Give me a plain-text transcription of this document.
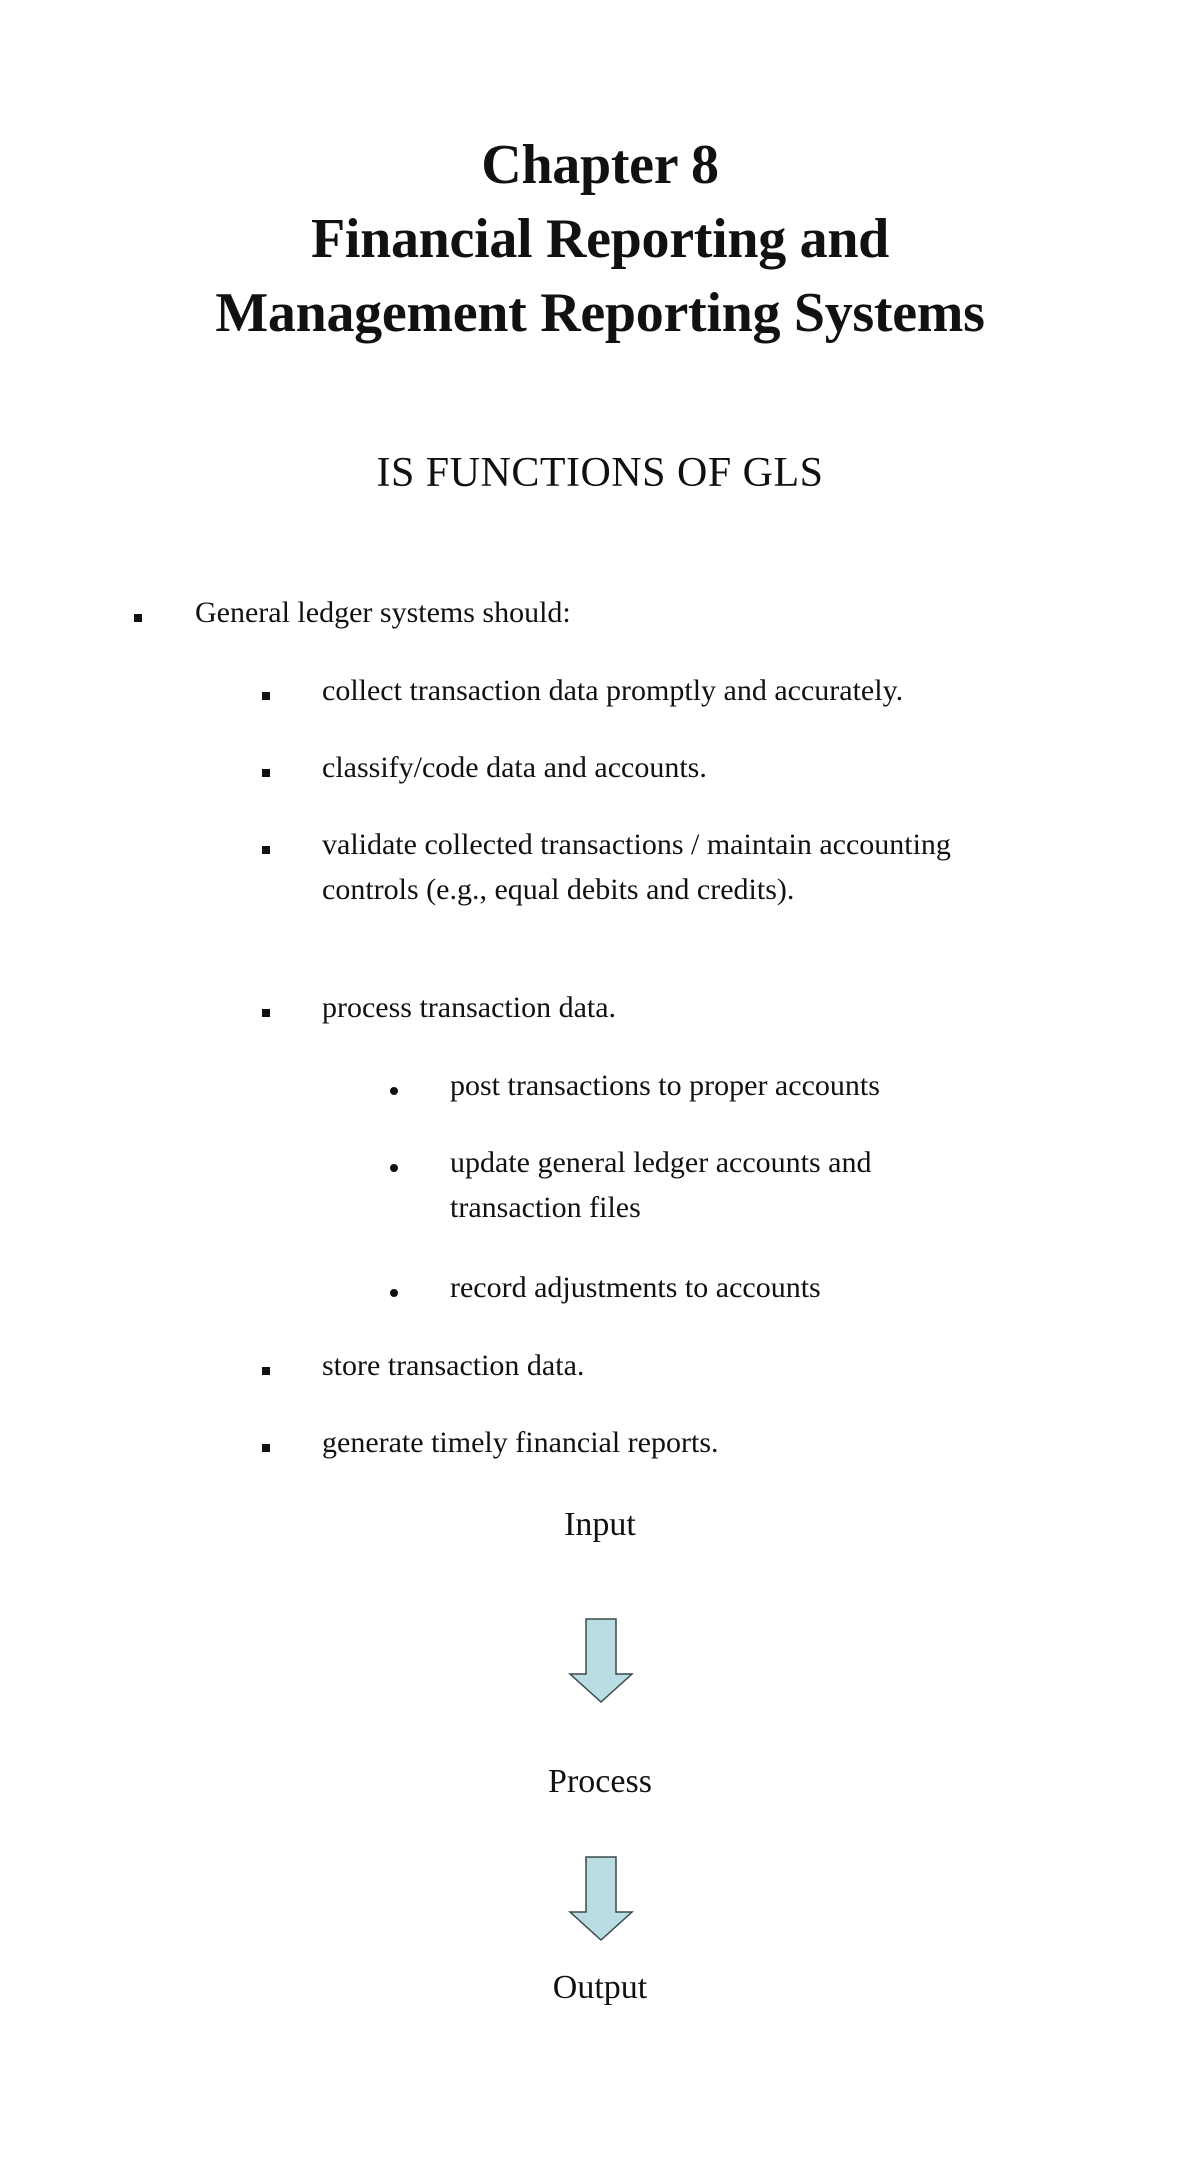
Chapter 8
Financial Reporting and
Management Reporting Systems
IS FUNCTIONS OF GLS
General ledger systems should:
collect transaction data promptly and accurately.
classify/code data and accounts.
validate collected transactions / maintain accounting controls (e.g., equal debits and credits).
process transaction data.
post transactions to proper accounts
update general ledger accounts and transaction files
record adjustments to accounts
store transaction data.
generate timely financial reports.
Input
Process
Output
